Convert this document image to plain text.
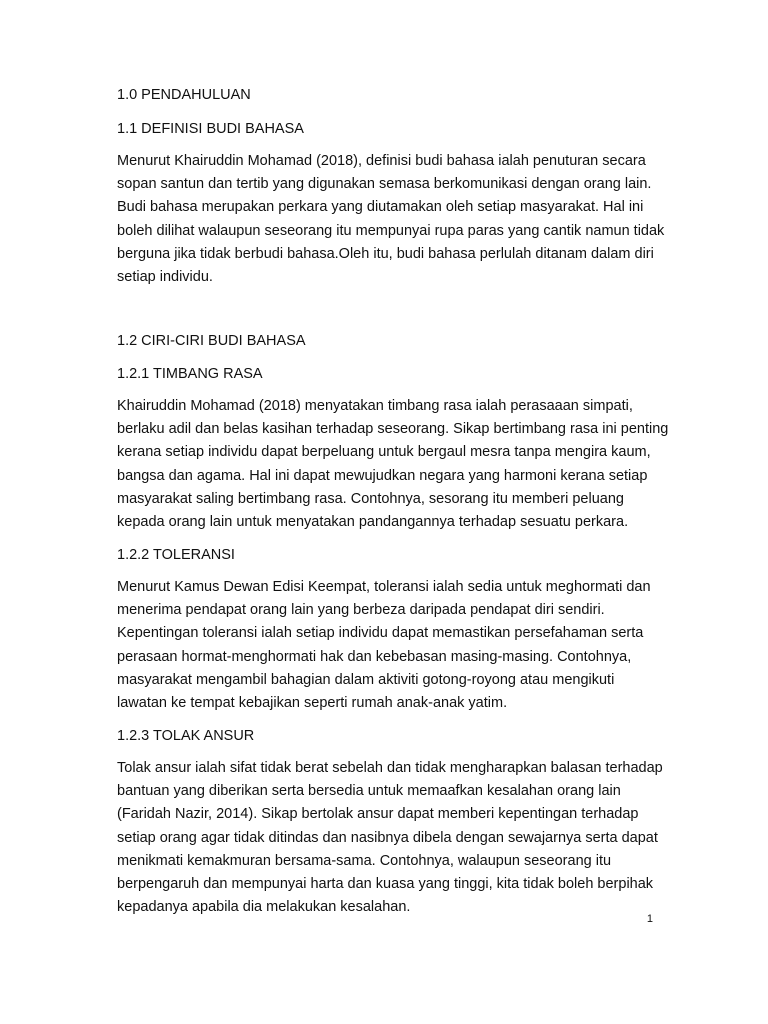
1.0 PENDAHULUAN
1.1 DEFINISI BUDI BAHASA
Menurut Khairuddin Mohamad (2018), definisi budi bahasa ialah penuturan secara
sopan santun dan tertib yang digunakan semasa berkomunikasi dengan orang lain.
Budi bahasa merupakan perkara yang diutamakan oleh setiap masyarakat. Hal ini
boleh dilihat walaupun seseorang itu mempunyai rupa paras yang cantik namun tidak
berguna jika tidak berbudi bahasa.Oleh itu, budi bahasa perlulah ditanam dalam diri
setiap individu.
1.2 CIRI-CIRI BUDI BAHASA
1.2.1 TIMBANG RASA
Khairuddin Mohamad (2018) menyatakan timbang rasa ialah perasaaan simpati,
berlaku adil dan belas kasihan terhadap seseorang. Sikap bertimbang rasa ini penting
kerana setiap individu dapat berpeluang untuk bergaul mesra tanpa mengira kaum,
bangsa dan agama. Hal ini dapat mewujudkan negara yang harmoni kerana setiap
masyarakat saling bertimbang rasa. Contohnya, sesorang itu memberi peluang
kepada orang lain untuk menyatakan pandangannya terhadap sesuatu perkara.
1.2.2 TOLERANSI
Menurut Kamus Dewan Edisi Keempat, toleransi ialah sedia untuk meghormati dan
menerima pendapat orang lain yang berbeza daripada pendapat diri sendiri.
Kepentingan toleransi ialah setiap individu dapat memastikan persefahaman serta
perasaan hormat-menghormati hak dan kebebasan masing-masing. Contohnya,
masyarakat mengambil bahagian dalam aktiviti gotong-royong atau mengikuti
lawatan ke tempat kebajikan seperti rumah anak-anak yatim.
1.2.3 TOLAK ANSUR
Tolak ansur ialah sifat tidak berat sebelah dan tidak mengharapkan balasan terhadap
bantuan yang diberikan serta bersedia untuk memaafkan kesalahan orang lain
(Faridah Nazir, 2014). Sikap bertolak ansur dapat memberi kepentingan terhadap
setiap orang agar tidak ditindas dan nasibnya dibela dengan sewajarnya serta dapat
menikmati kemakmuran bersama-sama. Contohnya, walaupun seseorang itu
berpengaruh dan mempunyai harta dan kuasa yang tinggi, kita tidak boleh berpihak
kepadanya apabila dia melakukan kesalahan.
1
